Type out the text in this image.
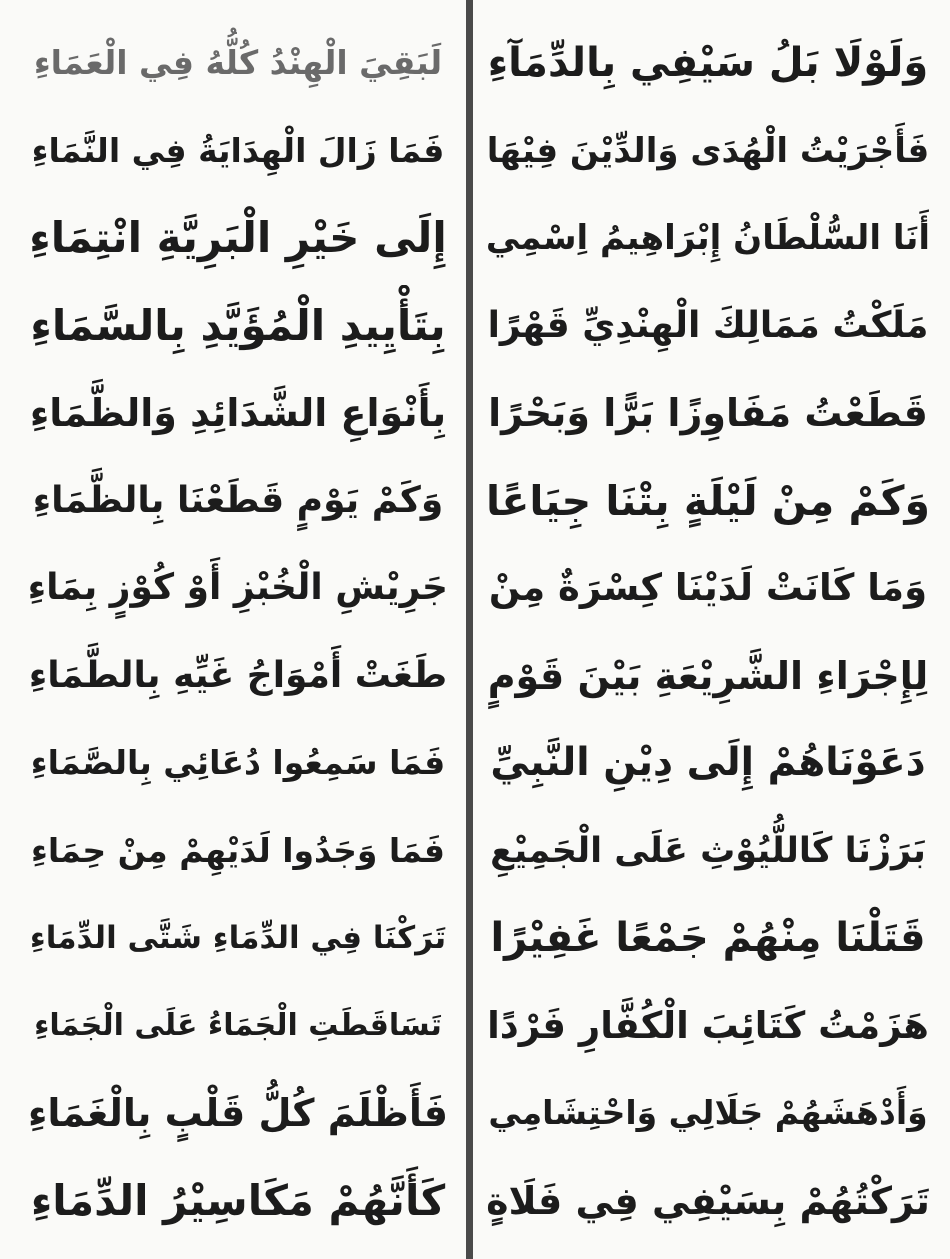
وَلَوْلَا بَلُ سَيْفِي بِالدِّمَآءِ
فَأَجْرَيْتُ الْهُدَى وَالدِّيْنَ فِيْهَا
أَنَا السُّلْطَانُ إِبْرَاهِيمُ اِسْمِي
مَلَكْتُ مَمَالِكَ الْهِنْدِيِّ قَهْرًا
قَطَعْتُ مَفَاوِزًا بَرًّا وَبَحْرًا
وَكَمْ مِنْ لَيْلَةٍ بِتْنَا جِيَاعًا
وَمَا كَانَتْ لَدَيْنَا كِسْرَةٌ مِنْ
لِإِجْرَاءِ الشَّرِيْعَةِ بَيْنَ قَوْمٍ
دَعَوْنَاهُمْ إِلَى دِيْنِ النَّبِيِّ
بَرَزْنَا كَاللُّيُوْثِ عَلَى الْجَمِيْعِ
قَتَلْنَا مِنْهُمْ جَمْعًا غَفِيْرًا
هَزَمْتُ كَتَائِبَ الْكُفَّارِ فَرْدًا
وَأَدْهَشَهُمْ جَلَالِي وَاحْتِشَامِي
تَرَكْتُهُمْ بِسَيْفِي فِي فَلَاةٍ
لَبَقِيَ الْهِنْدُ كُلُّهُ فِي الْعَمَاءِ
فَمَا زَالَ الْهِدَايَةُ فِي النَّمَاءِ
إِلَى خَيْرِ الْبَرِيَّةِ انْتِمَاءِ
بِتَأْيِيدِ الْمُؤَيَّدِ بِالسَّمَاءِ
بِأَنْوَاعِ الشَّدَائِدِ وَالظَّمَاءِ
وَكَمْ يَوْمٍ قَطَعْنَا بِالظَّمَاءِ
جَرِيْشِ الْخُبْزِ أَوْ كُوْزٍ بِمَاءِ
طَغَتْ أَمْوَاجُ غَيِّهِ بِالطَّمَاءِ
فَمَا سَمِعُوا دُعَائِي بِالصَّمَاءِ
فَمَا وَجَدُوا لَدَيْهِمْ مِنْ حِمَاءِ
تَرَكْنَا فِي الدِّمَاءِ شَتَّى الدِّمَاءِ
تَسَاقَطَتِ الْجَمَاءُ عَلَى الْجَمَاءِ
فَأَظْلَمَ كُلُّ قَلْبٍ بِالْغَمَاءِ
كَأَنَّهُمْ مَكَاسِيْرُ الدِّمَاءِ
